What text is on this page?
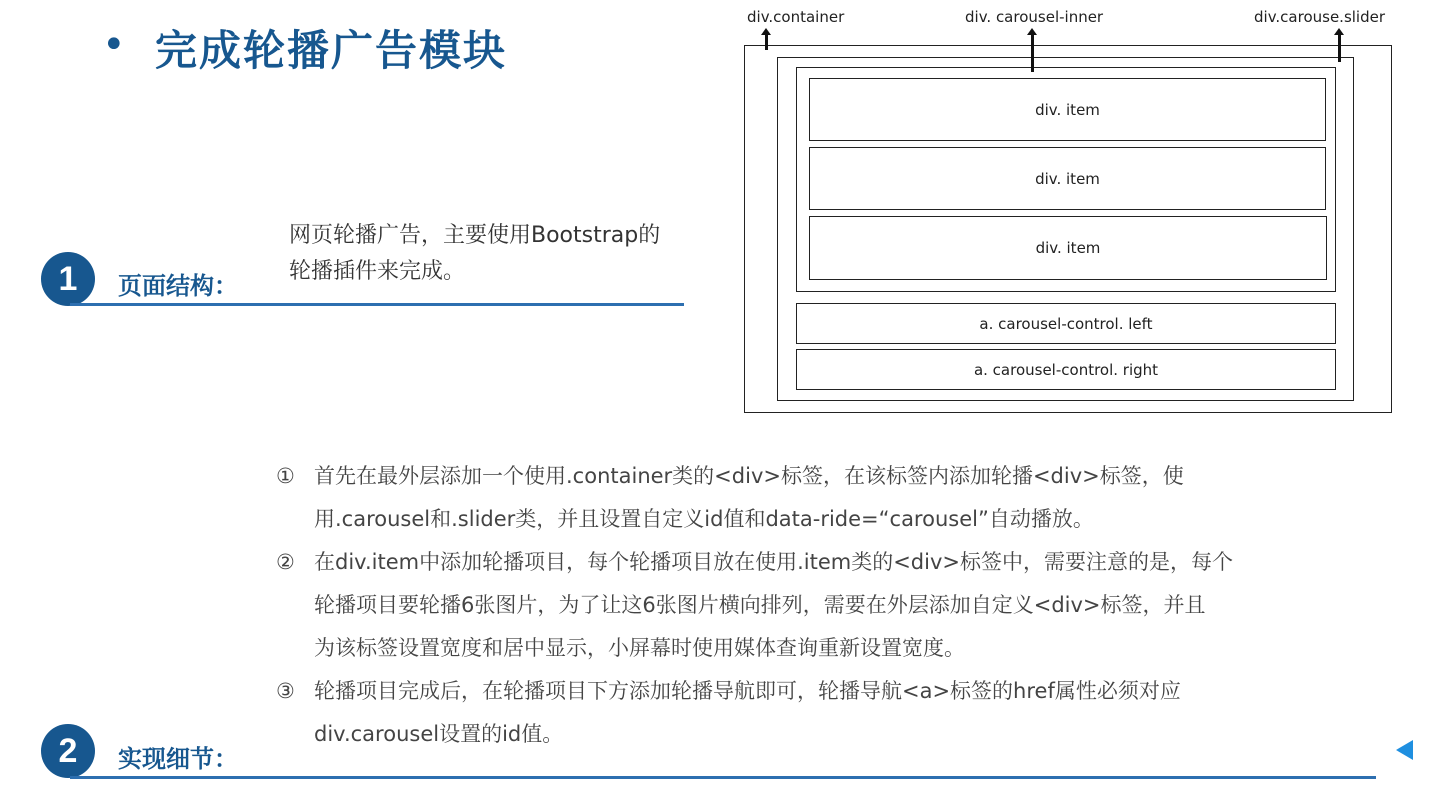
• 完成轮播广告模块
1	页面结构：
网页轮播广告，主要使用Bootstrap的
轮播插件来完成。
div.container	div. carousel-inner	div.carouse.slider
div. item
div. item
div. item
a. carousel-control. left
a. carousel-control. right
① 首先在最外层添加一个使用.container类的<div>标签，在该标签内添加轮播<div>标签，使
用.carousel和.slider类，并且设置自定义id值和data-ride=“carousel”自动播放。
② 在div.item中添加轮播项目，每个轮播项目放在使用.item类的<div>标签中，需要注意的是，每个
轮播项目要轮播6张图片，为了让这6张图片横向排列，需要在外层添加自定义<div>标签，并且
为该标签设置宽度和居中显示，小屏幕时使用媒体查询重新设置宽度。
③ 轮播项目完成后，在轮播项目下方添加轮播导航即可，轮播导航<a>标签的href属性必须对应
div.carousel设置的id值。
2	实现细节：
